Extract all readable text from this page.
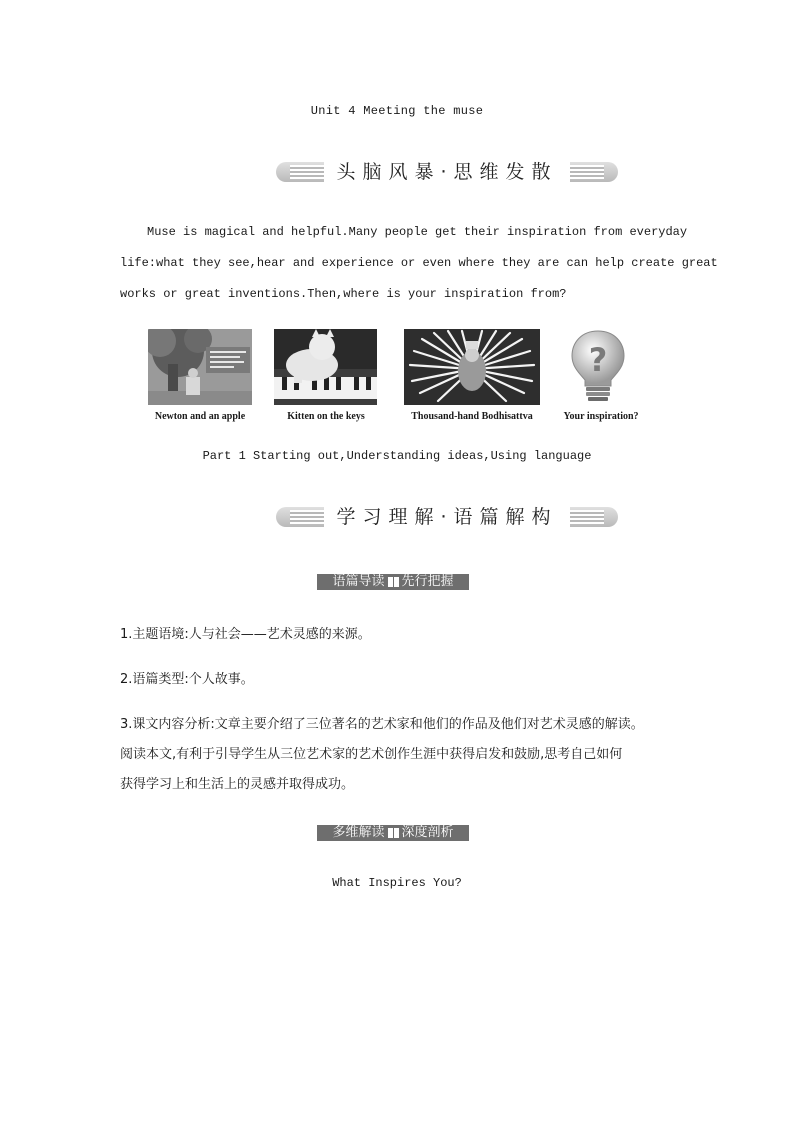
Unit 4 Meeting the muse
头脑风暴·思维发散
Muse is magical and helpful.Many people get their inspiration from everyday
life:what they see,hear and experience or even where they are can help create great
works or great inventions.Then,where is your inspiration from?
?
Newton and an apple	Kitten on the keys	Thousand-hand Bodhisattva	Your inspiration?
Part 1 Starting out,Understanding ideas,Using language
学习理解·语篇解构
语篇导读 先行把握
1.主题语境:人与社会——艺术灵感的来源。
2.语篇类型:个人故事。
3.课文内容分析:文章主要介绍了三位著名的艺术家和他们的作品及他们对艺术灵感的解读。
阅读本文,有利于引导学生从三位艺术家的艺术创作生涯中获得启发和鼓励,思考自己如何
获得学习上和生活上的灵感并取得成功。
多维解读 深度剖析
What Inspires You?
